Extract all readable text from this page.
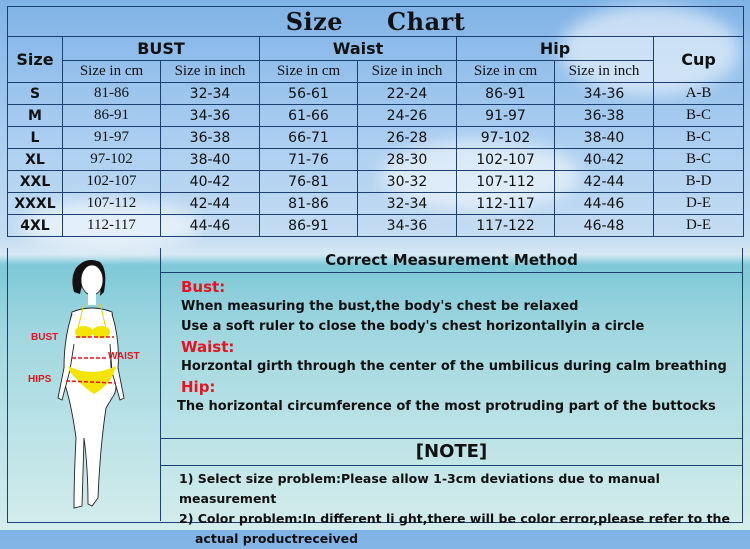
Size Chart							
Size	BUST		Waist		Hip		Cup
	Size in cm	Size in inch	Size in cm	Size in inch	Size in cm	Size in inch	
S	81-86	32-34	56-61	22-24	86-91	34-36	A-B
M	86-91	34-36	61-66	24-26	91-97	36-38	B-C
L	91-97	36-38	66-71	26-28	97-102	38-40	B-C
XL	97-102	38-40	71-76	28-30	102-107	40-42	B-C
XXL	102-107	40-42	76-81	30-32	107-112	42-44	B-D
XXXL	107-112	42-44	81-86	32-34	112-117	44-46	D-E
4XL	112-117	44-46	86-91	34-36	117-122	46-48	D-E
BUST
WAIST
HIPS
Correct Measurement Method
Bust:
When measuring the bust,the body's chest be relaxed
Use a soft ruler to close the body's chest horizontallyin a circle
Waist:
Horzontal girth through the center of the umbilicus during calm breathing
Hip:
The horizontal circumference of the most protruding part of the buttocks
[NOTE]
1) Select size problem:Please allow 1-3cm deviations due to manual measurement
2) Color problem:In different li ght,there will be color error,please refer to the
actual productreceived
